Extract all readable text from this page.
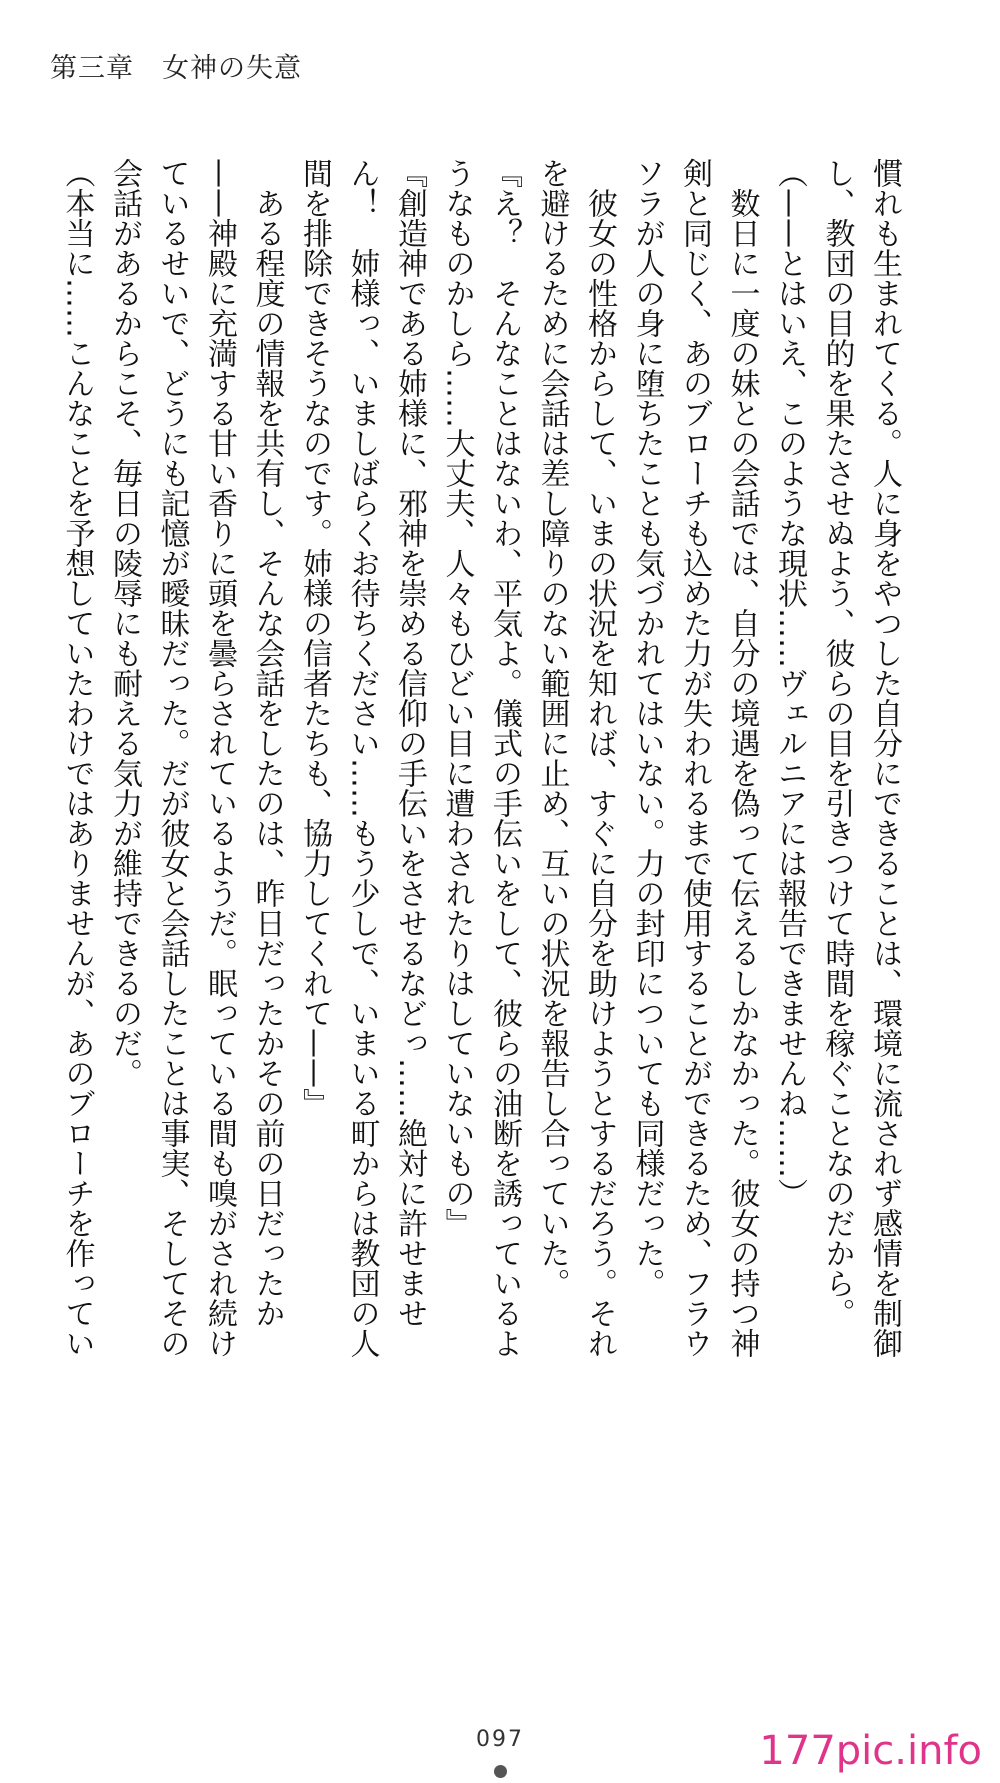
第三章　女神の失意
慣れも生まれてくる。人に身をやつした自分にできることは、環境に流されず感情を制御
し、教団の目的を果たさせぬよう、彼らの目を引きつけて時間を稼ぐことなのだから。
（——とはいえ、このような現状……ヴェルニアには報告できませんね……）
　数日に一度の妹との会話では、自分の境遇を偽って伝えるしかなかった。彼女の持つ神
剣と同じく、あのブローチも込めた力が失われるまで使用することができるため、フラウ
ソラが人の身に堕ちたことも気づかれてはいない。力の封印についても同様だった。
　彼女の性格からして、いまの状況を知れば、すぐに自分を助けようとするだろう。それ
を避けるために会話は差し障りのない範囲に止め、互いの状況を報告し合っていた。
『え？　そんなことはないわ、平気よ。儀式の手伝いをして、彼らの油断を誘っているよ
うなものかしら……大丈夫、人々もひどい目に遭わされたりはしていないもの』
『創造神である姉様に、邪神を崇める信仰の手伝いをさせるなどっ……絶対に許せませ
ん！　姉様っ、いましばらくお待ちください……もう少しで、いまいる町からは教団の人
間を排除できそうなのです。姉様の信者たちも、協力してくれて——』
　ある程度の情報を共有し、そんな会話をしたのは、昨日だったかその前の日だったか
——神殿に充満する甘い香りに頭を曇らされているようだ。眠っている間も嗅がされ続け
ているせいで、どうにも記憶が曖昧だった。だが彼女と会話したことは事実、そしてその
会話があるからこそ、毎日の陵辱にも耐える気力が維持できるのだ。
（本当に……こんなことを予想していたわけではありませんが、あのブローチを作ってい
097	177pic.info
